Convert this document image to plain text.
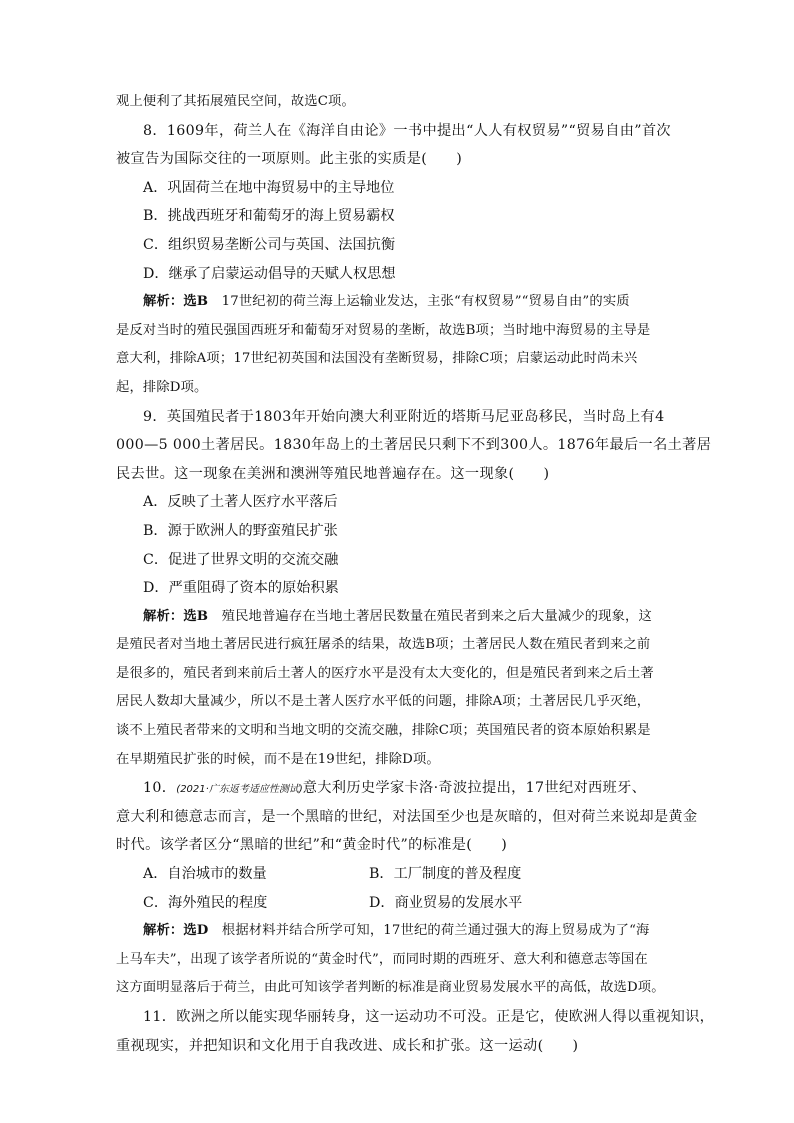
观上便利了其拓展殖民空间，故选C项。
8．1609年，荷兰人在《海洋自由论》一书中提出“人人有权贸易”“贸易自由”首次
被宣告为国际交往的一项原则。此主张的实质是(　　)
A．巩固荷兰在地中海贸易中的主导地位
B．挑战西班牙和葡萄牙的海上贸易霸权
C．组织贸易垄断公司与英国、法国抗衡
D．继承了启蒙运动倡导的天赋人权思想
解析：选B　17世纪初的荷兰海上运输业发达，主张“有权贸易”“贸易自由”的实质
是反对当时的殖民强国西班牙和葡萄牙对贸易的垄断，故选B项；当时地中海贸易的主导是
意大利，排除A项；17世纪初英国和法国没有垄断贸易，排除C项；启蒙运动此时尚未兴
起，排除D项。
9．英国殖民者于1803年开始向澳大利亚附近的塔斯马尼亚岛移民，当时岛上有4
000—5 000土著居民。1830年岛上的土著居民只剩下不到300人。1876年最后一名土著居
民去世。这一现象在美洲和澳洲等殖民地普遍存在。这一现象(　　)
A．反映了土著人医疗水平落后
B．源于欧洲人的野蛮殖民扩张
C．促进了世界文明的交流交融
D．严重阻碍了资本的原始积累
解析：选B　殖民地普遍存在当地土著居民数量在殖民者到来之后大量减少的现象，这
是殖民者对当地土著居民进行疯狂屠杀的结果，故选B项；土著居民人数在殖民者到来之前
是很多的，殖民者到来前后土著人的医疗水平是没有太大变化的，但是殖民者到来之后土著
居民人数却大量减少，所以不是土著人医疗水平低的问题，排除A项；土著居民几乎灭绝，
谈不上殖民者带来的文明和当地文明的交流交融，排除C项；英国殖民者的资本原始积累是
在早期殖民扩张的时候，而不是在19世纪，排除D项。
10．(2021·广东返考适应性测试)意大利历史学家卡洛·奇波拉提出，17世纪对西班牙、
意大利和德意志而言，是一个黑暗的世纪，对法国至少也是灰暗的，但对荷兰来说却是黄金
时代。该学者区分“黑暗的世纪”和“黄金时代”的标准是(　　)
A．自治城市的数量	B．工厂制度的普及程度
C．海外殖民的程度	D．商业贸易的发展水平
解析：选D　根据材料并结合所学可知，17世纪的荷兰通过强大的海上贸易成为了“海
上马车夫”，出现了该学者所说的“黄金时代”，而同时期的西班牙、意大利和德意志等国在
这方面明显落后于荷兰，由此可知该学者判断的标准是商业贸易发展水平的高低，故选D项。
11．欧洲之所以能实现华丽转身，这一运动功不可没。正是它，使欧洲人得以重视知识，
重视现实，并把知识和文化用于自我改进、成长和扩张。这一运动(　　)
